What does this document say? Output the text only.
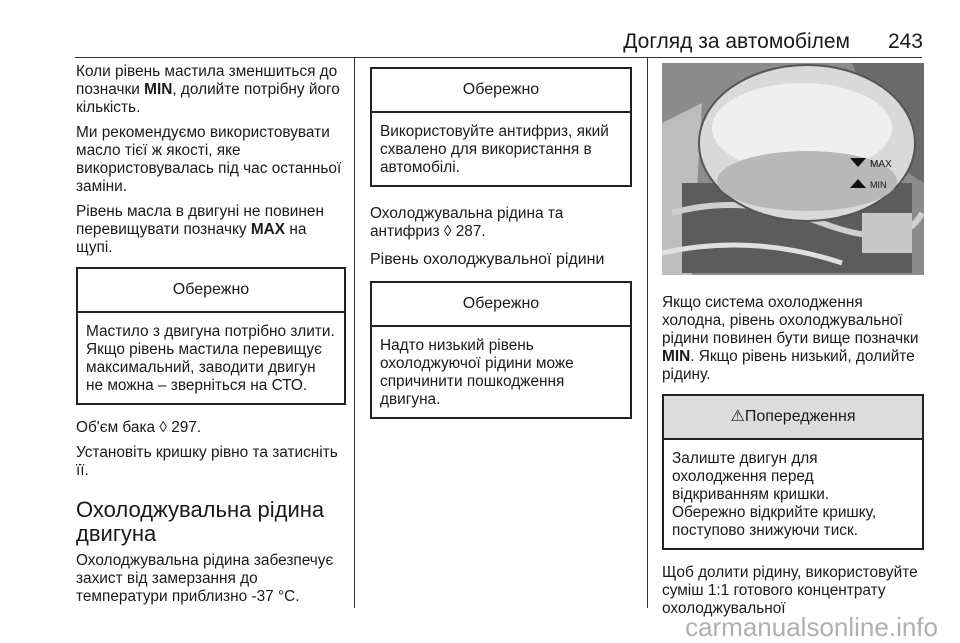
Догляд за автомобілем 243

Коли рівень мастила зменшиться до позначки MIN, долийте потрібну його кількість.

Ми рекомендуємо використовувати масло тієї ж якості, яке використовувалась під час останньої заміни.

Рівень масла в двигуні не повинен перевищувати позначку MAX на щупі.

Обережно
Мастило з двигуна потрібно злити. Якщо рівень мастила перевищує максимальний, заводити двигун не можна – зверніться на СТО.

Об'єм бака ◊ 297.

Установіть кришку рівно та затисніть її.

Охолоджувальна рідина двигуна

Охолоджувальна рідина забезпечує захист від замерзання до температури приблизно -37 °C.

Обережно
Використовуйте антифриз, який схвалено для використання в автомобілі.

Охолоджувальна рідина та антифриз ◊ 287.

Рівень охолоджувальної рідини
Обережно
Надто низький рівень охолоджуючої рідини може спричинити пошкодження двигуна.
MAX
MIN

Якщо система охолодження холодна, рівень охолоджувальної рідини повинен бути вище позначки MIN. Якщо рівень низький, долийте рідину.

⚠Попередження
Залиште двигун для охолодження перед відкриванням кришки.
Обережно відкрийте кришку, поступово знижуючи тиск.

Щоб долити рідину, використовуйте суміш 1:1 готового концентрату охолоджувальної

carmanualsonline.info
